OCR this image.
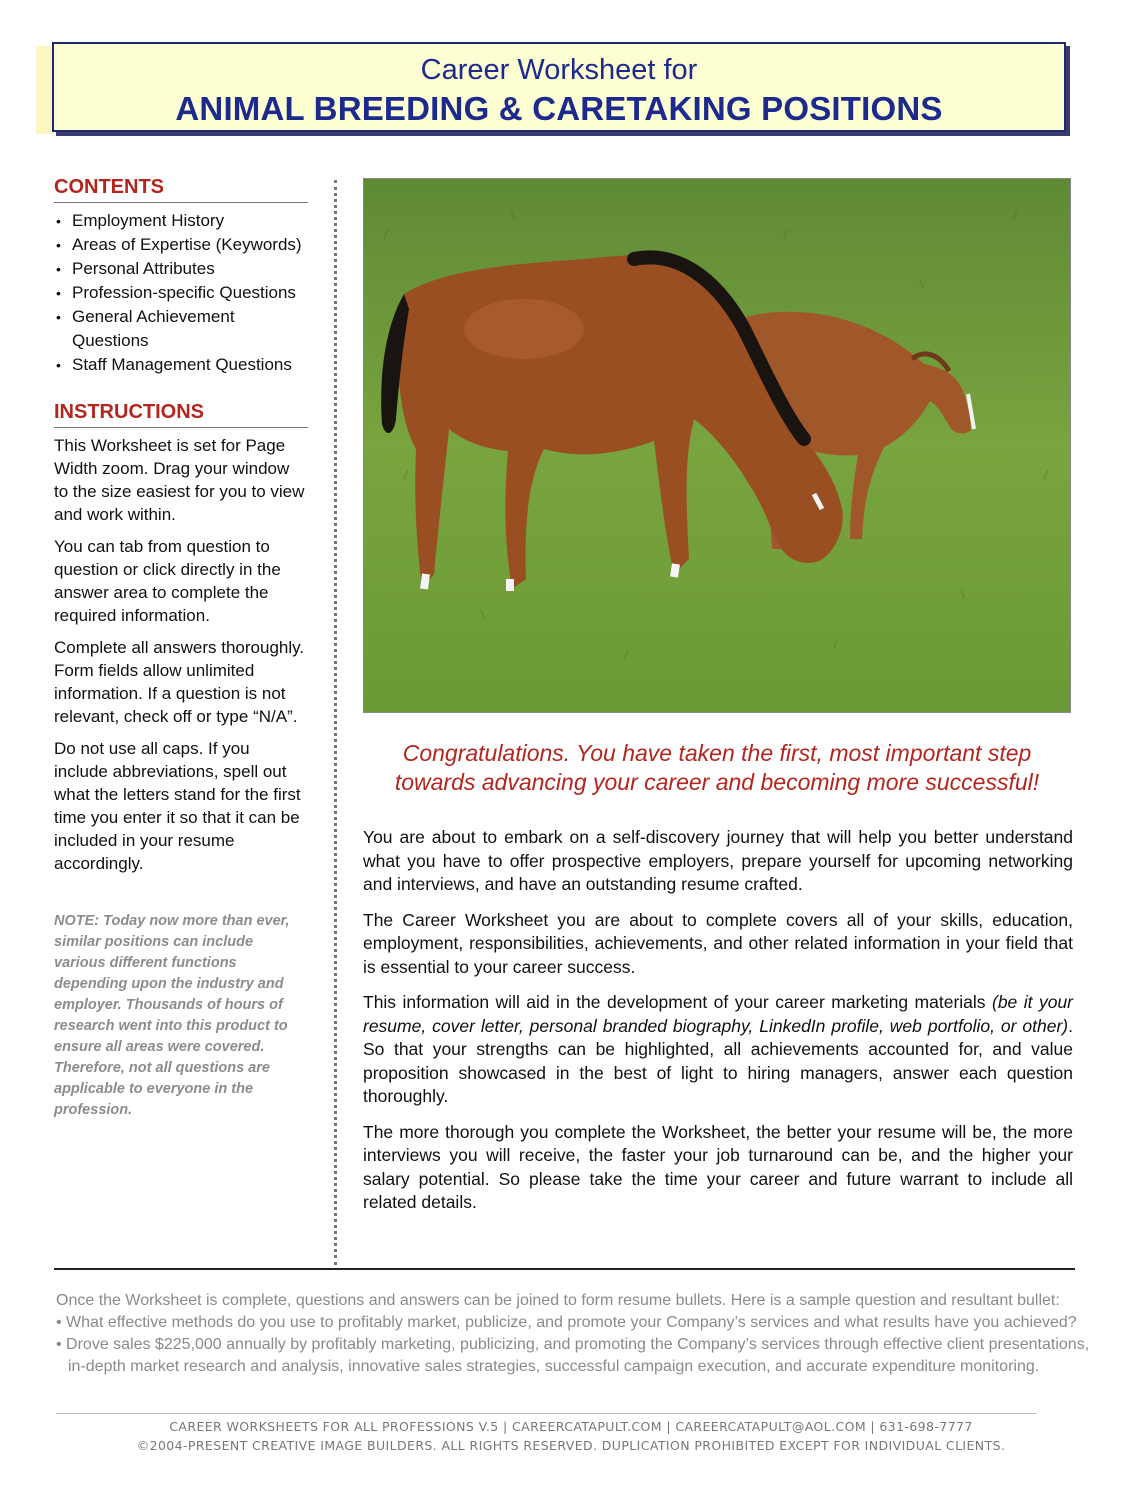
Career Worksheet for
ANIMAL BREEDING & CARETAKING POSITIONS
CONTENTS
• Employment History
• Areas of Expertise (Keywords)
• Personal Attributes
• Profession-specific Questions
• General Achievement Questions
• Staff Management Questions
INSTRUCTIONS

This Worksheet is set for Page Width zoom. Drag your window to the size easiest for you to view and work within.

You can tab from question to question or click directly in the answer area to complete the required information.

Complete all answers thoroughly. Form fields allow unlimited information. If a question is not relevant, check off or type “N/A”.

Do not use all caps. If you include abbreviations, spell out what the letters stand for the first time you enter it so that it can be included in your resume accordingly.

NOTE: Today now more than ever, similar positions can include various different functions depending upon the industry and employer. Thousands of hours of research went into this product to ensure all areas were covered. Therefore, not all questions are applicable to everyone in the profession.
Congratulations. You have taken the first, most important step
towards advancing your career and becoming more successful!

You are about to embark on a self-discovery journey that will help you better understand what you have to offer prospective employers, prepare yourself for upcoming networking and interviews, and have an outstanding resume crafted.

The Career Worksheet you are about to complete covers all of your skills, education, employment, responsibilities, achievements, and other related information in your field that is essential to your career success.

This information will aid in the development of your career marketing materials (be it your resume, cover letter, personal branded biography, LinkedIn profile, web portfolio, or other). So that your strengths can be highlighted, all achievements accounted for, and value proposition showcased in the best of light to hiring managers, answer each question thoroughly.

The more thorough you complete the Worksheet, the better your resume will be, the more interviews you will receive, the faster your job turnaround can be, and the higher your salary potential. So please take the time your career and future warrant to include all related details.

Once the Worksheet is complete, questions and answers can be joined to form resume bullets. Here is a sample question and resultant bullet:
• What effective methods do you use to profitably market, publicize, and promote your Company’s services and what results have you achieved?
• Drove sales $225,000 annually by profitably marketing, publicizing, and promoting the Company’s services through effective client presentations,
in-depth market research and analysis, innovative sales strategies, successful campaign execution, and accurate expenditure monitoring.
CAREER WORKSHEETS FOR ALL PROFESSIONS V.5 | CAREERCATAPULT.COM | CAREERCATAPULT@AOL.COM | 631-698-7777
©2004-PRESENT CREATIVE IMAGE BUILDERS. ALL RIGHTS RESERVED. DUPLICATION PROHIBITED EXCEPT FOR INDIVIDUAL CLIENTS.
